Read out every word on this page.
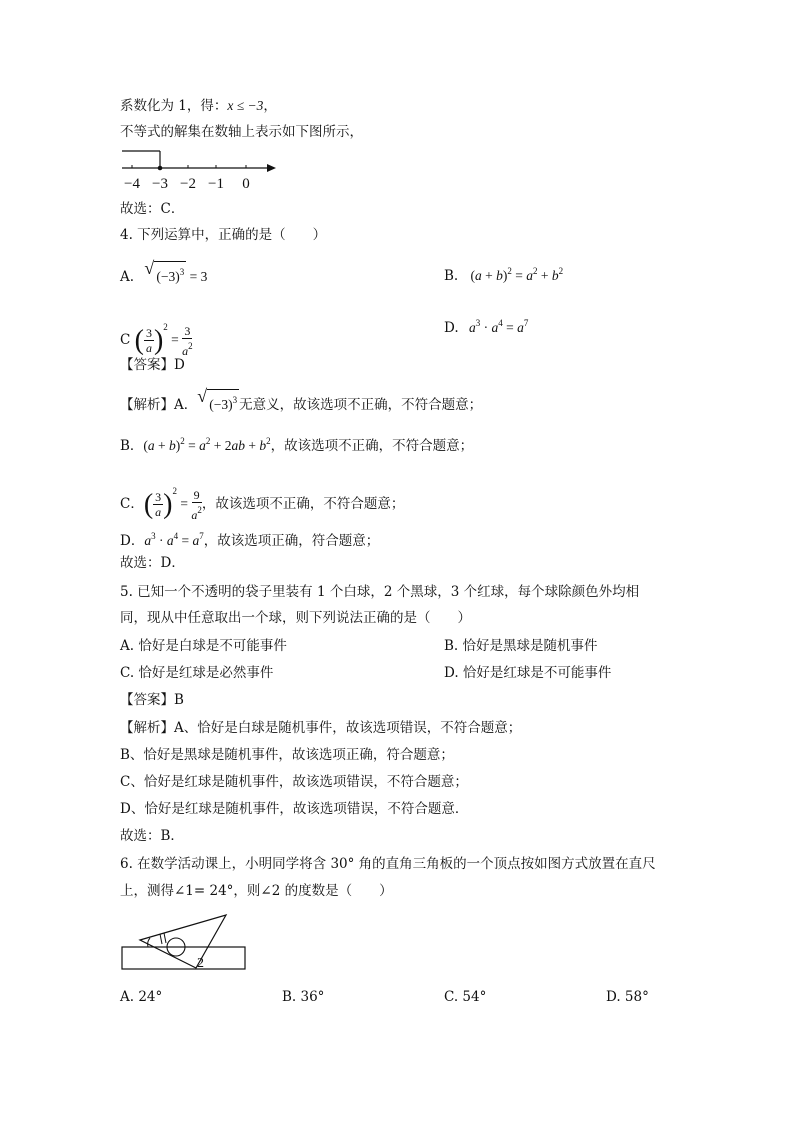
系数化为 1，得：x ≤ −3，
不等式的解集在数轴上表示如下图所示，
−4 −3 −2 −1 0
故选：C．
4. 下列运算中，正确的是（　　）
A. √ $(-3)^3 = 3$	B. $(a + b)^2 = a^2 + b^2$
C ( $\frac{3}{a} )^2 = \frac{3}{a^2}$	D. $a^3 \cdot a^4 = a^7$
【答案】D
【解析】A． √ $(-3)^3$ 无意义，故该选项不正确，不符合题意；
B．$(a + b)^2 = a^2 + 2ab + b^2$，故该选项不正确，不符合题意；
C．( $\frac{3}{a} )^2 = \frac{9}{a^2}$ ，故该选项不正确，不符合题意；
D．$a^3 \cdot a^4 = a^7$，故该选项正确，符合题意；
故选：D．
5. 已知一个不透明的袋子里装有 1 个白球，2 个黑球，3 个红球，每个球除颜色外均相
同，现从中任意取出一个球，则下列说法正确的是（　　）
A. 恰好是白球是不可能事件	B. 恰好是黑球是随机事件
C. 恰好是红球是必然事件	D. 恰好是红球是不可能事件
【答案】B
【解析】A、恰好是白球是随机事件，故该选项错误，不符合题意；
B、恰好是黑球是随机事件，故该选项正确，符合题意；
C、恰好是红球是随机事件，故该选项错误，不符合题意；
D、恰好是红球是随机事件，故该选项错误，不符合题意．
故选：B．
6. 在数学活动课上，小明同学将含 30° 角的直角三角板的一个顶点按如图方式放置在直尺
上，测得∠1= 24°，则∠2 的度数是（　　）
2
A. 24°	B. 36°	C. 54°	D. 58°
